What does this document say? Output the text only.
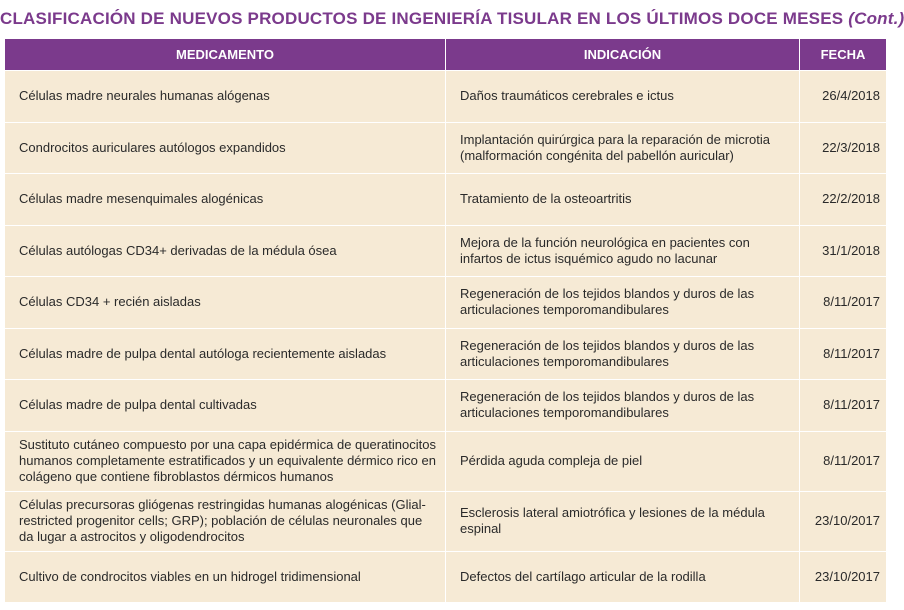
CLASIFICACIÓN DE NUEVOS PRODUCTOS DE INGENIERÍA TISULAR EN LOS ÚLTIMOS DOCE MESES (Cont.)
MEDICAMENTO	INDICACIÓN	FECHA
Células madre neurales humanas alógenas	Daños traumáticos cerebrales e ictus	26/4/2018
Condrocitos auriculares autólogos expandidos	Implantación quirúrgica para la reparación de microtia (malformación congénita del pabellón auricular)	22/3/2018
Células madre mesenquimales alogénicas	Tratamiento de la osteoartritis	22/2/2018
Células autólogas CD34+ derivadas de la médula ósea	Mejora de la función neurológica en pacientes con infartos de ictus isquémico agudo no lacunar	31/1/2018
Células CD34 + recién aisladas	Regeneración de los tejidos blandos y duros de las articulaciones temporomandibulares	8/11/2017
Células madre de pulpa dental autóloga recientemente aisladas	Regeneración de los tejidos blandos y duros de las articulaciones temporomandibulares	8/11/2017
Células madre de pulpa dental cultivadas	Regeneración de los tejidos blandos y duros de las articulaciones temporomandibulares	8/11/2017
Sustituto cutáneo compuesto por una capa epidérmica de queratinocitos humanos completamente estratificados y un equivalente dérmico rico en colágeno que contiene fibroblastos dérmicos humanos	Pérdida aguda compleja de piel	8/11/2017
Células precursoras gliógenas restringidas humanas alogénicas (Glial-restricted progenitor cells; GRP); población de células neuronales que da lugar a astrocitos y oligodendrocitos	Esclerosis lateral amiotrófica y lesiones de la médula espinal	23/10/2017
Cultivo de condrocitos viables en un hidrogel tridimensional	Defectos del cartílago articular de la rodilla	23/10/2017
